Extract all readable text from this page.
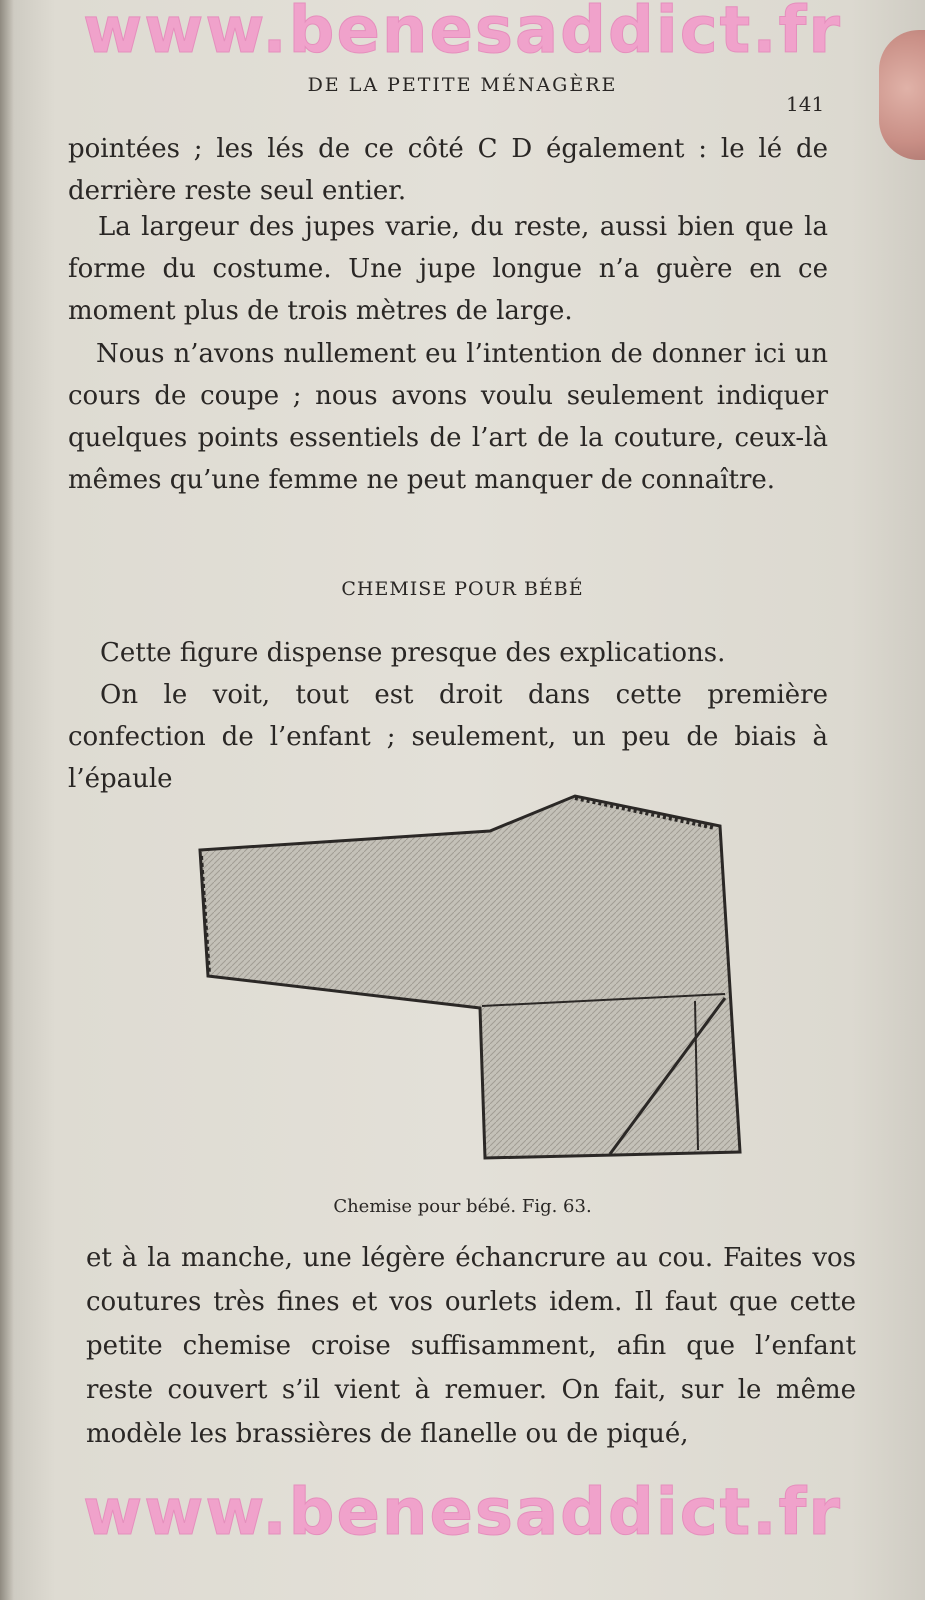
www.benesaddict.fr
DE LA PETITE MÉNAGÈRE
141

pointées ; les lés de ce côté C D également : le lé de derrière reste seul entier.

La largeur des jupes varie, du reste, aussi bien que la forme du costume. Une jupe longue n’a guère en ce moment plus de trois mètres de large.

Nous n’avons nullement eu l’intention de donner ici un cours de coupe ; nous avons voulu seulement indiquer quelques points essentiels de l’art de la couture, ceux-là mêmes qu’une femme ne peut manquer de connaître.

CHEMISE POUR BÉBÉ

Cette figure dispense presque des explications.

On le voit, tout est droit dans cette première confection de l’enfant ; seulement, un peu de biais à l’épaule

Chemise pour bébé. Fig. 63.

et à la manche, une légère échancrure au cou. Faites vos coutures très fines et vos ourlets idem. Il faut que cette petite chemise croise suffisamment, afin que l’enfant reste couvert s’il vient à remuer. On fait, sur le même modèle les brassières de flanelle ou de piqué,

www.benesaddict.fr
